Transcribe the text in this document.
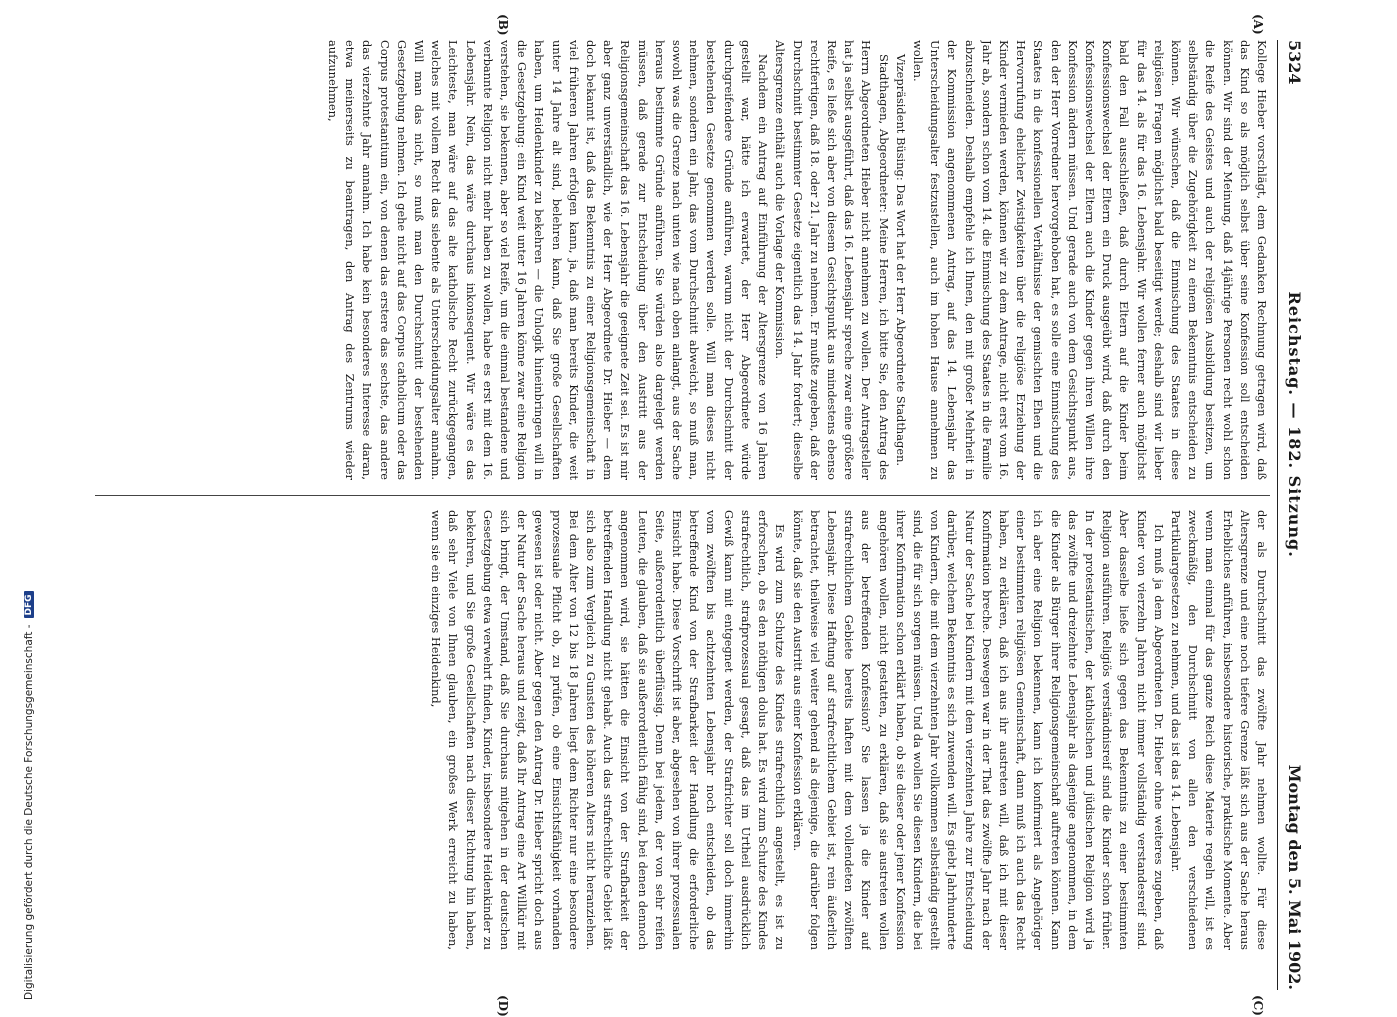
5324
Reichstag. — 182. Sitzung.
Montag den 5. Mai 1902.
(A)
(B)
(C)
(D)

Kollege Hieber vorschlägt, dem Gedanken Rechnung getragen wird, daß das Kind so als möglich selbst über seine Konfession soll entscheiden können. Wir sind der Meinung, daß 14jährige Personen recht wohl schon die Reife des Geistes und auch der religiösen Ausbildung besitzen, um selbständig über die Zugehörigkeit zu einem Bekenntnis entscheiden zu können. Wir wünschen, daß die Einmischung des Staates in diese religiösen Fragen möglichst bald beseitigt werde; deshalb sind wir lieber für das 14. als für das 16. Lebensjahr. Wir wollen ferner auch möglichst bald den Fall ausschließen, daß durch Eltern auf die Kinder beim Konfessionswechsel der Eltern ein Druck ausgeübt wird, daß durch den Konfessionswechsel der Eltern auch die Kinder gegen ihren Willen ihre Konfession ändern müssen. Und gerade auch von dem Gesichtspunkt aus, den der Herr Vorredner hervorgehoben hat, es solle eine Einmischung des Staates in die konfessionellen Verhältnisse der gemischten Ehen und die Hervorrufung ehelicher Zwistigkeiten über die religiöse Erziehung der Kinder vermieden werden, können wir zu dem Antrage, nicht erst vom 16. Jahr ab, sondern schon vom 14. die Einmischung des Staates in die Familie abzuschneiden. Deshalb empfehle ich Ihnen, den mit großer Mehrheit in der Kommission angenommenen Antrag, auf das 14. Lebensjahr das Unterscheidungsalter festzustellen, auch im hohen Hause annehmen zu wollen.

Vizepräsident Büsing: Das Wort hat der Herr Abgeordnete Stadthagen.

Stadthagen, Abgeordneter: Meine Herren, ich bitte Sie, den Antrag des Herrn Abgeordneten Hieber nicht annehmen zu wollen. Der Antragsteller hat ja selbst ausgeführt, daß das 16. Lebensjahr spreche zwar eine größere Reife, es ließe sich aber von diesem Gesichtspunkt aus mindestens ebenso rechtfertigen, daß 18. oder 21. Jahr zu nehmen. Er mußte zugeben, daß der Durchschnitt bestimmter Gesetze eigentlich das 14. Jahr fordert; dieselbe Altersgrenze enthält auch die Vorlage der Kommission.

Nachdem ein Antrag auf Einführung der Altersgrenze von 16 Jahren gestellt war, hätte ich erwartet, der Herr Abgeordnete würde durchgreifendere Gründe anführen, warum nicht der Durchschnitt der bestehenden Gesetze genommen werden solle. Will man dieses nicht nehmen, sondern ein Jahr, das vom Durchschnitt abweicht, so muß man, sowohl was die Grenze nach unten wie nach oben anlangt, aus der Sache heraus bestimmte Gründe anführen. Sie würden also dargelegt werden müssen, daß gerade zur Entscheidung über den Austritt aus der Religionsgemeinschaft das 16. Lebensjahr die geeignete Zeit sei. Es ist mir aber ganz unverständlich, wie der Herr Abgeordnete Dr. Hieber — dem doch bekannt ist, daß das Bekenntnis zu einer Religionsgemeinschaft in viel früheren Jahren erfolgen kann, ja, daß man bereits Kinder, die weit unter 14 Jahre alt sind, belehren kann, daß Sie große Gesellschaften haben, um Heidenkinder zu bekehren — die Unlogik hineinbringen will in die Gesetzgebung: ein Kind weit unter 16 Jahren könne zwar eine Religion verstehen, sie bekennen, aber so viel Reife, um die einmal bestandene und verbannte Religion nicht mehr haben zu wollen, habe es erst mit dem 16. Lebensjahr. Nein, das wäre durchaus inkonsequent. Wir wäre es das Leichteste, man wäre auf das alte katholische Recht zurückgegangen, welches mit vollem Recht das siebente als Unterscheidungsalter annahm. Will man das nicht, so muß man den Durchschnitt der bestehenden Gesetzgebung nehmen. Ich gehe nicht auf das Corpus catholicum oder das Corpus protestantium ein, von denen das erstere das sechste, das andere das vierzehnte Jahr annahm. Ich habe kein besonderes Interesse daran, etwa meinerseits zu beantragen, den Antrag des Zentrums wieder aufzunehmen,

der als Durchschnitt das zwölfte Jahr nehmen wollte. Für diese Altersgrenze und eine noch tiefere Grenze läßt sich aus der Sache heraus Erhebliches anführen, insbesondere historische, praktische Momente. Aber wenn man einmal für das ganze Reich diese Materie regeln will, ist es zweckmäßig, den Durchschnitt von allen den verschiedenen Partikulargesetzen zu nehmen, und das ist das 14. Lebensjahr.

Ich muß ja dem Abgeordneten Dr. Hieber ohne weiteres zugeben, daß Kinder von vierzehn Jahren nicht immer vollständig verstandesreif sind. Aber dasselbe ließe sich gegen das Bekenntnis zu einer bestimmten Religion ausführen. Religiös verständnisreif sind die Kinder schon früher. In der protestantischen, der katholischen und jüdischen Religion wird ja das zwölfte und dreizehnte Lebensjahr als dasjenige angenommen, in dem die Kinder als Bürger ihrer Religionsgemeinschaft auftreten können. Kann ich aber eine Religion bekennen, kann ich konfirmiert als Angehöriger einer bestimmten religiösen Gemeinschaft, dann muß ich auch das Recht haben, zu erklären, daß ich aus ihr austreten will, daß ich mit dieser Konfirmation breche. Deswegen war in der That das zwölfte Jahr nach der Natur der Sache bei Kindern mit dem vierzehnten Jahre zur Entscheidung darüber, welchem Bekenntnis es sich zuwenden will. Es giebt Jahrhunderte von Kindern, die mit dem vierzehnten Jahr vollkommen selbständig gestellt sind, die für sich sorgen müssen. Und da wollen Sie diesen Kindern, die bei ihrer Konfirmation schon erklärt haben, ob sie dieser oder jener Konfession angehören wollen, nicht gestatten, zu erklären, daß sie austreten wollen aus der betreffenden Konfession? Sie lassen ja die Kinder auf strafrechtlichem Gebiete bereits haften mit dem vollendeten zwölften Lebensjahr. Diese Haftung auf strafrechtlichem Gebiet ist, rein äußerlich betrachtet, theilweise viel weiter gehend als diejenige, die darüber folgen könnte, daß sie den Austritt aus einer Konfession erklären.

Es wird zum Schutze des Kindes strafrechtlich angestellt, es ist zu erforschen, ob es den nöthigen dolus hat. Es wird zum Schutze des Kindes strafrechtlich, strafprozessual gesagt, daß das im Urtheil ausdrücklich Gewiß kann mit entgegnet werden, der Strafrichter soll doch immerhin vom zwölften bis achtzehnten Lebensjahr noch entscheiden, ob das betreffende Kind von der Strafbarkeit der Handlung die erforderliche Einsicht habe. Diese Vorschrift ist aber, abgesehen von ihrer prozessualen Seite, außerordentlich überflüssig. Denn bei jedem, der von sehr reifen Leuten, die glauben, daß sie außerordentlich fähig sind, bei denen dennoch angenommen wird, sie hätten die Einsicht von der Strafbarkeit der betreffenden Handlung nicht gehabt. Auch das strafrechtliche Gebiet läßt sich also zum Vergleich zu Gunsten des höheren Alters nicht heranziehen. Bei dem Alter von 12 bis 18 Jahren liegt dem Richter nur eine besondere prozessuale Pflicht ob, zu prüfen, ob eine Einsichtsfähigkeit vorhanden gewesen ist oder nicht. Aber gegen den Antrag Dr. Hieber spricht doch aus der Natur der Sache heraus und zeigt, daß Ihr Antrag eine Art Willkür mit sich bringt, der Umstand, daß Sie durchaus mitgehen in der deutschen Gesetzgebung etwa verwehrt finden, Kinder, insbesondere Heidenkinder zu bekehren, und Sie große Gesellschaften nach dieser Richtung hin haben, daß sehr Viele von Ihnen glauben, ein großes Werk erreicht zu haben, wenn sie ein einziges Heidenkind,

Digitalisierung gefördert durch die Deutsche Forschungsgemeinschaft -
DFG
